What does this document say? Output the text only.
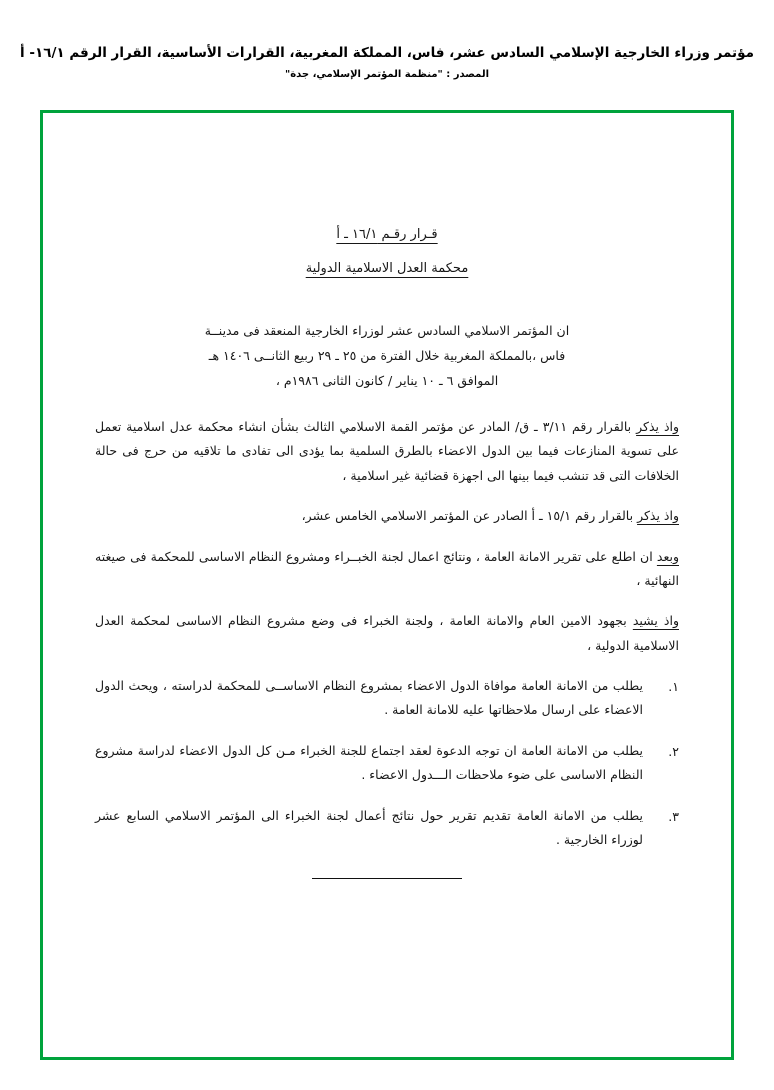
مؤتمر وزراء الخارجية الإسلامي السادس عشر، فاس، المملكة المغربية، القرارات الأساسية، القرار الرقم ١٦/١- أ
المصدر : "منظمة المؤتمر الإسلامي، جدة"
قـرار رقـم ١٦/١ ـ أ
محكمة العدل الاسلامية الدولية
ان المؤتمر الاسلامي السادس عشر لوزراء الخارجية المنعقد فى مدينــة
فاس ،بالمملكة المغربية خلال الفترة من ٢٥ ـ ٢٩ ربيع الثانــى ١٤٠٦ هـ
الموافق ٦ ـ ١٠ يناير / كانون الثانى ١٩٨٦م ،
واذ يذكر بالقرار رقم ٣/١١ ـ ق/ المادر عن مؤتمر القمة الاسلامي الثالث بشأن انشاء محكمة عدل اسلامية تعمل على تسوية المنازعات فيما بين الدول الاعضاء بالطرق السلمية بما يؤدى الى تفادى ما تلاقيه من حرج فى حالة الخلافات التى قد تنشب فيما بينها الى اجهزة قضائية غير اسلامية ،
واذ يذكر بالقرار رقم ١٥/١ ـ أ الصادر عن المؤتمر الاسلامي الخامس عشر،
وبعد ان اطلع على تقرير الامانة العامة ، ونتائج اعمال لجنة الخبــراء ومشروع النظام الاساسى للمحكمة فى صيغته النهائية ،
واذ يشيد بجهود الامين العام والامانة العامة ، ولجنة الخبراء فى وضع مشروع النظام الاساسى لمحكمة العدل الاسلامية الدولية ،
١.
يطلب من الامانة العامة موافاة الدول الاعضاء بمشروع النظام الاساســى للمحكمة لدراسته ، ويحث الدول الاعضاء على ارسال ملاحظاتها عليه للامانة العامة .
٢.
يطلب من الامانة العامة ان توجه الدعوة لعقد اجتماع للجنة الخبراء مـن كل الدول الاعضاء لدراسة مشروع النظام الاساسى على ضوء ملاحظات الـــدول الاعضاء .
٣.
يطلب من الامانة العامة تقديم تقرير حول نتائج أعمال لجنة الخبراء الى المؤتمر الاسلامي السابع عشر لوزراء الخارجية .
